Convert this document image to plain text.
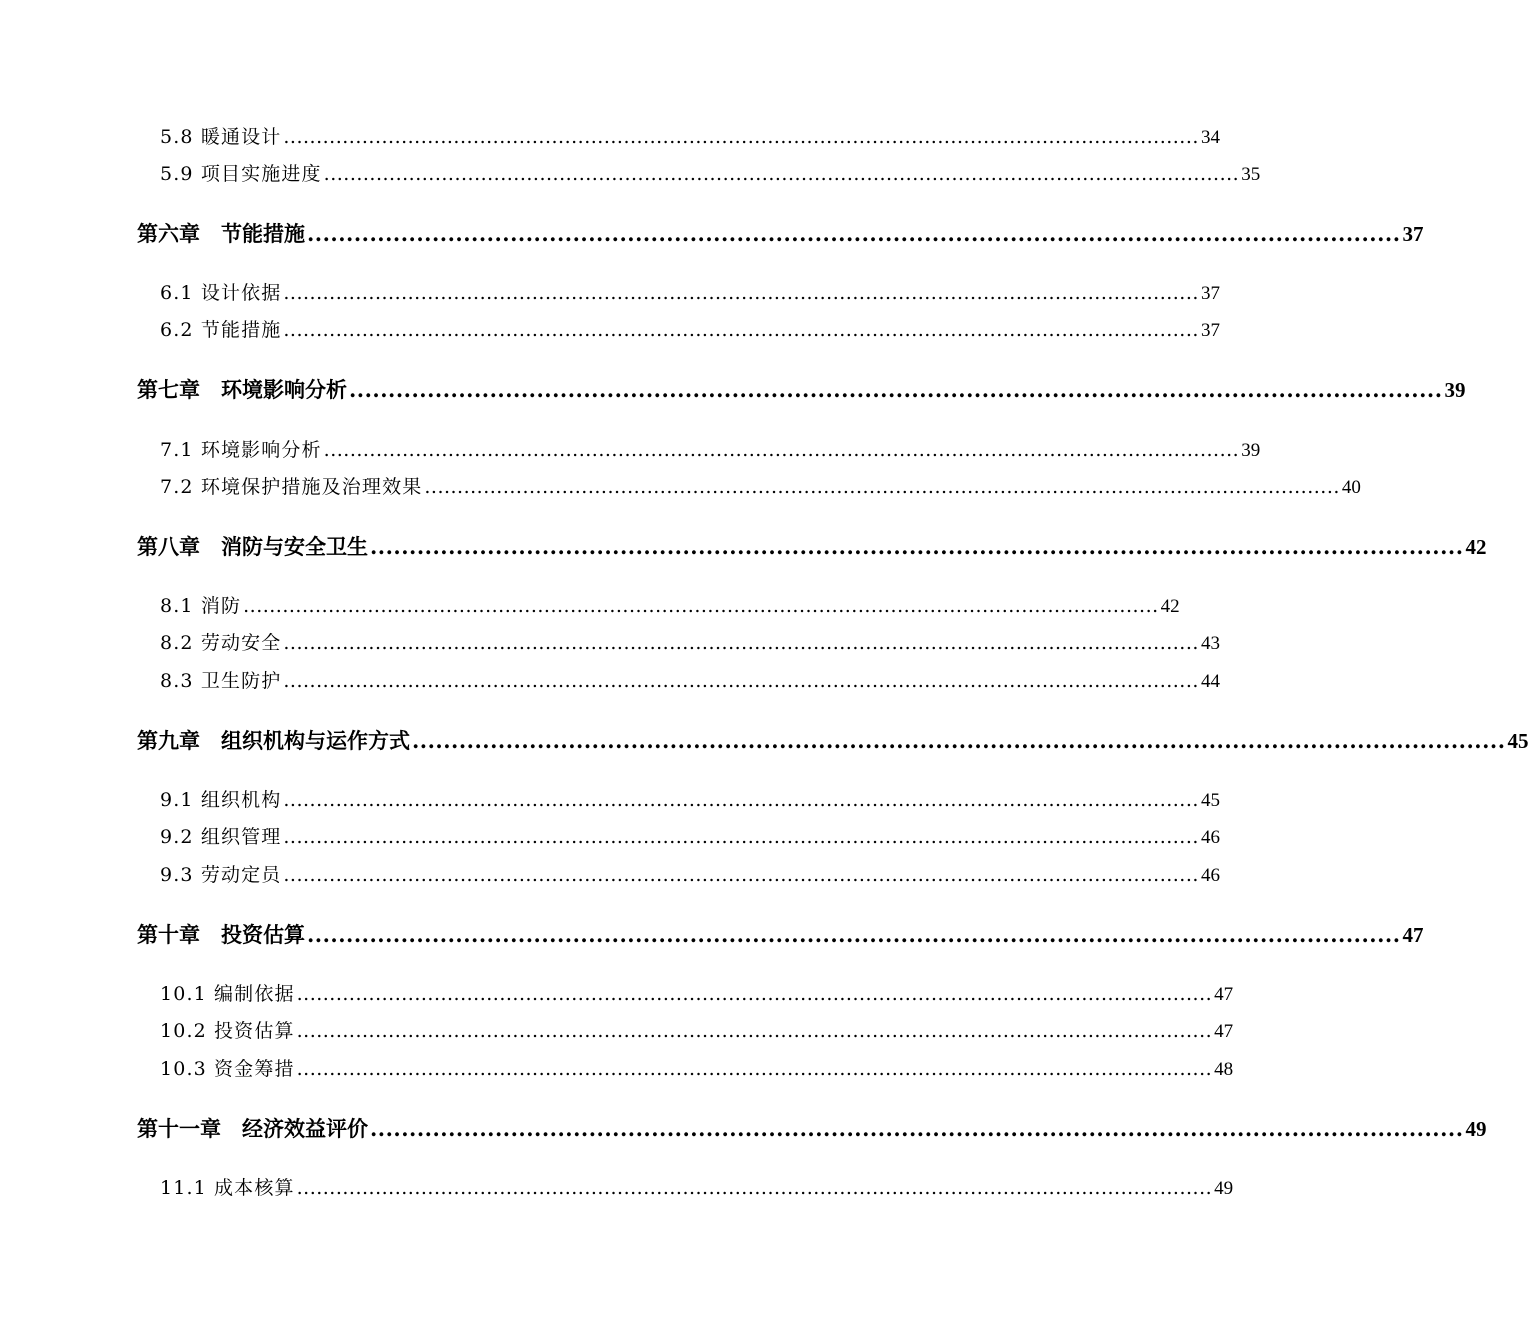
5.8 暖通设计 ............................................................................................................................................ 34
5.9 项目实施进度 ............................................................................................................................................ 35
第六章　节能措施 ............................................................................................................................................ 37
6.1 设计依据 ............................................................................................................................................ 37
6.2 节能措施 ............................................................................................................................................ 37
第七章　环境影响分析 ............................................................................................................................................ 39
7.1 环境影响分析 ............................................................................................................................................ 39
7.2 环境保护措施及治理效果 ............................................................................................................................................ 40
第八章　消防与安全卫生 ............................................................................................................................................ 42
8.1 消防 ............................................................................................................................................ 42
8.2 劳动安全 ............................................................................................................................................ 43
8.3 卫生防护 ............................................................................................................................................ 44
第九章　组织机构与运作方式 ............................................................................................................................................ 45
9.1 组织机构 ............................................................................................................................................ 45
9.2 组织管理 ............................................................................................................................................ 46
9.3 劳动定员 ............................................................................................................................................ 46
第十章　投资估算 ............................................................................................................................................ 47
10.1 编制依据 ............................................................................................................................................ 47
10.2 投资估算 ............................................................................................................................................ 47
10.3 资金筹措 ............................................................................................................................................ 48
第十一章　经济效益评价 ............................................................................................................................................ 49
11.1 成本核算 ............................................................................................................................................ 49
